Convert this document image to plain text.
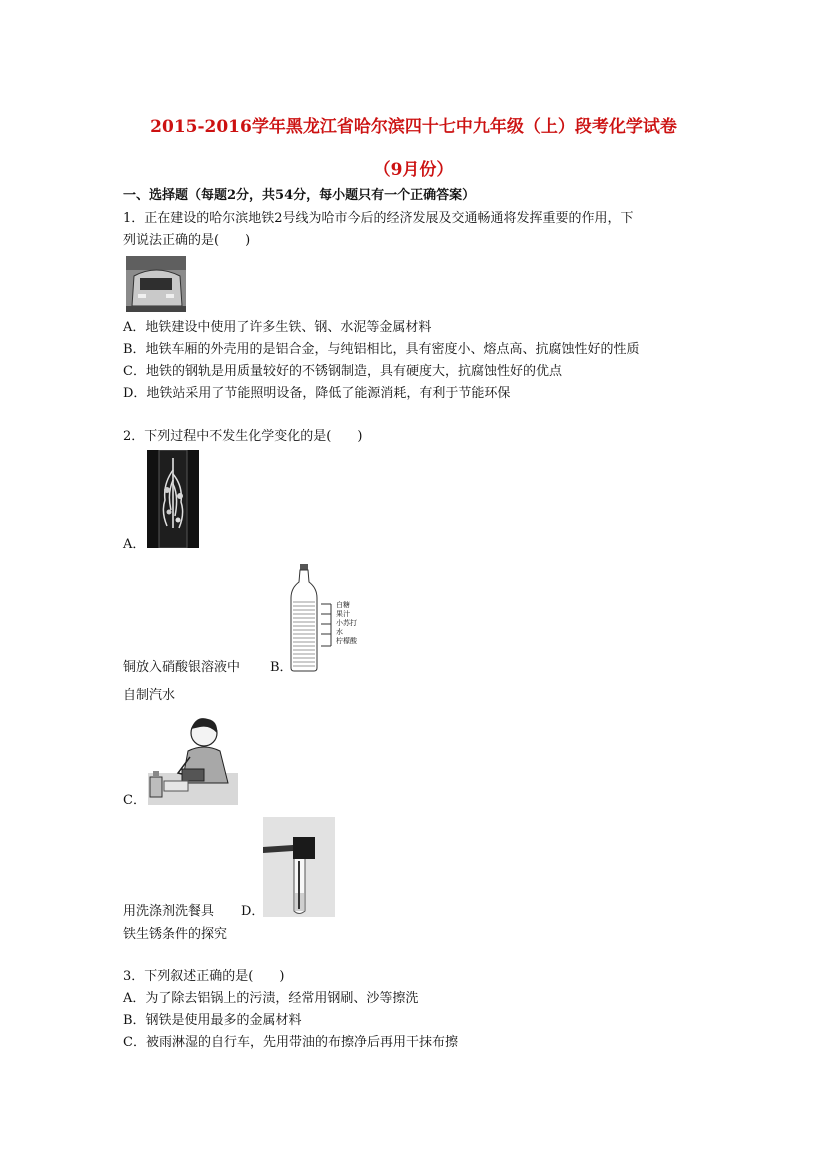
2015-2016学年黑龙江省哈尔滨四十七中九年级（上）段考化学试卷
（9月份）
一、选择题（每题2分，共54分，每小题只有一个正确答案）
1．正在建设的哈尔滨地铁2号线为哈市今后的经济发展及交通畅通将发挥重要的作用，下
列说法正确的是(　　)
A．地铁建设中使用了许多生铁、钢、水泥等金属材料
B．地铁车厢的外壳用的是铝合金，与纯铝相比，具有密度小、熔点高、抗腐蚀性好的性质
C．地铁的钢轨是用质量较好的不锈钢制造，具有硬度大，抗腐蚀性好的优点
D．地铁站采用了节能照明设备，降低了能源消耗，有利于节能环保
2．下列过程中不发生化学变化的是(　　)
A．
白糖
果汁
小苏打
水
柠檬酸
铜放入硝酸银溶液中 B．
自制汽水
C．
用洗涤剂洗餐具 D．
铁生锈条件的探究
3．下列叙述正确的是(　　)
A．为了除去铝锅上的污渍，经常用钢刷、沙等擦洗
B．钢铁是使用最多的金属材料
C．被雨淋湿的自行车，先用带油的布擦净后再用干抹布擦
